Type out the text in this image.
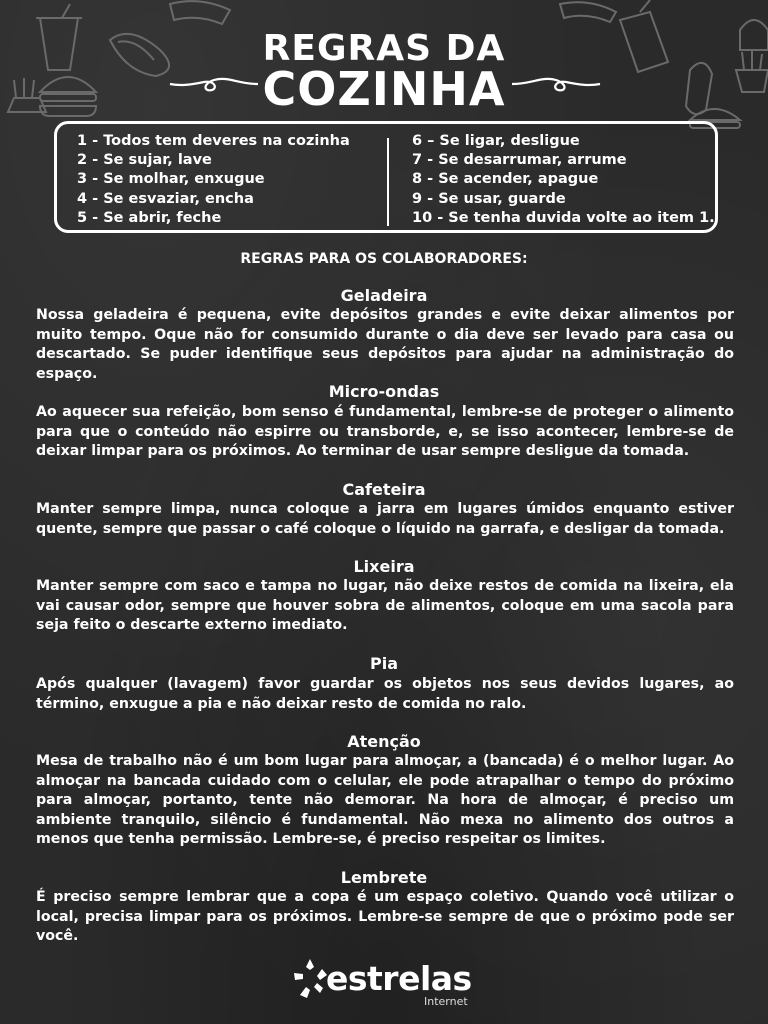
REGRAS DA
COZINHA
1 - Todos tem deveres na cozinha
2 - Se sujar, lave
3 - Se molhar, enxugue
4 - Se esvaziar, encha
5 - Se abrir, feche
6 – Se ligar, desligue
7 - Se desarrumar, arrume
8 - Se acender, apague
9 - Se usar, guarde
10 - Se tenha duvida volte ao item 1.
REGRAS PARA OS COLABORADORES:
Geladeira

Nossa geladeira é pequena, evite depósitos grandes e evite deixar alimentos por muito tempo. Oque não for consumido durante o dia deve ser levado para casa ou descartado. Se puder identifique seus depósitos para ajudar na administração do espaço.

Micro-ondas

Ao aquecer sua refeição, bom senso é fundamental, lembre-se de proteger o alimento para que o conteúdo não espirre ou transborde, e, se isso acontecer, lembre-se de deixar limpar para os próximos. Ao terminar de usar sempre desligue da tomada.

Cafeteira

Manter sempre limpa, nunca coloque a jarra em lugares úmidos enquanto estiver quente, sempre que passar o café coloque o líquido na garrafa, e desligar da tomada.

Lixeira

Manter sempre com saco e tampa no lugar, não deixe restos de comida na lixeira, ela vai causar odor, sempre que houver sobra de alimentos, coloque em uma sacola para seja feito o descarte externo imediato.

Pia

Após qualquer (lavagem) favor guardar os objetos nos seus devidos lugares, ao término, enxugue a pia e não deixar resto de comida no ralo.

Atenção

Mesa de trabalho não é um bom lugar para almoçar, a (bancada) é o melhor lugar. Ao almoçar na bancada cuidado com o celular, ele pode atrapalhar o tempo do próximo para almoçar, portanto, tente não demorar. Na hora de almoçar, é preciso um ambiente tranquilo, silêncio é fundamental. Não mexa no alimento dos outros a menos que tenha permissão. Lembre-se, é preciso respeitar os limites.

Lembrete

É preciso sempre lembrar que a copa é um espaço coletivo. Quando você utilizar o local, precisa limpar para os próximos. Lembre-se sempre de que o próximo pode ser você.

estrelas
Internet
